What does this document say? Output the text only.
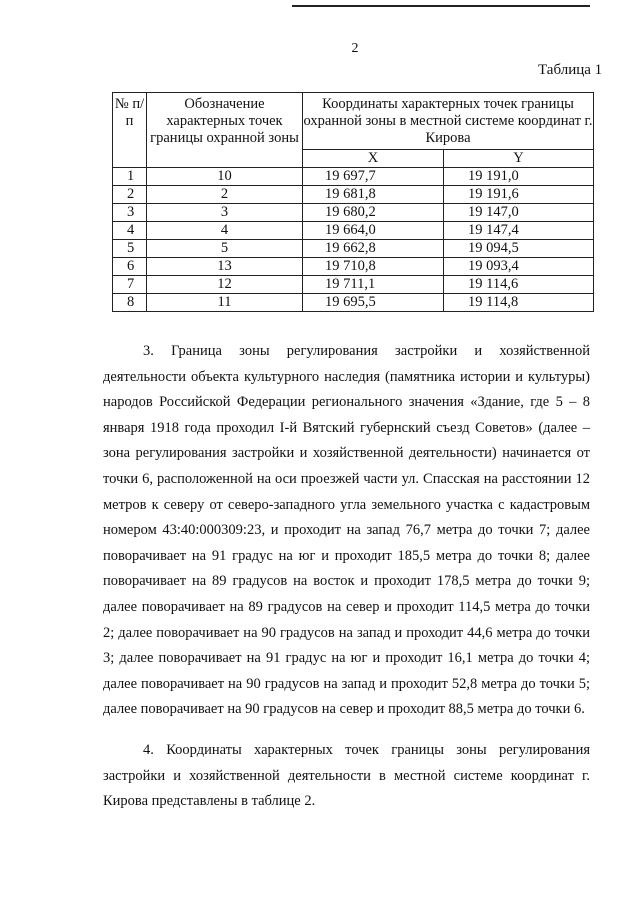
2
Таблица 1
№ п/п	Обозначение характерных точек границы охранной зоны	Координаты характерных точек границы охранной зоны в местной системе координат г. Кирова	
		X	Y
1	10	19 697,7	19 191,0
2	2	19 681,8	19 191,6
3	3	19 680,2	19 147,0
4	4	19 664,0	19 147,4
5	5	19 662,8	19 094,5
6	13	19 710,8	19 093,4
7	12	19 711,1	19 114,6
8	11	19 695,5	19 114,8
3. Граница зоны регулирования застройки и хозяйственной деятельности объекта культурного наследия (памятника истории и культуры) народов Российской Федерации регионального значения «Здание, где 5 – 8 января 1918 года проходил I-й Вятский губернский съезд Советов» (далее – зона регулирования застройки и хозяйственной деятельности) начинается от точки 6, расположенной на оси проезжей части ул. Спасская на расстоянии 12 метров к северу от северо-западного угла земельного участка с кадастровым номером 43:40:000309:23, и проходит на запад 76,7 метра до точки 7; далее поворачивает на 91 градус на юг и проходит 185,5 метра до точки 8; далее поворачивает на 89 градусов на восток и проходит 178,5 метра до точки 9; далее поворачивает на 89 градусов на север и проходит 114,5 метра до точки 2; далее поворачивает на 90 градусов на запад и проходит 44,6 метра до точки 3; далее поворачивает на 91 градус на юг и проходит 16,1 метра до точки 4; далее поворачивает на 90 градусов на запад и проходит 52,8 метра до точки 5; далее поворачивает на 90 градусов на север и проходит 88,5 метра до точки 6.
4. Координаты характерных точек границы зоны регулирования застройки и хозяйственной деятельности в местной системе координат г. Кирова представлены в таблице 2.
